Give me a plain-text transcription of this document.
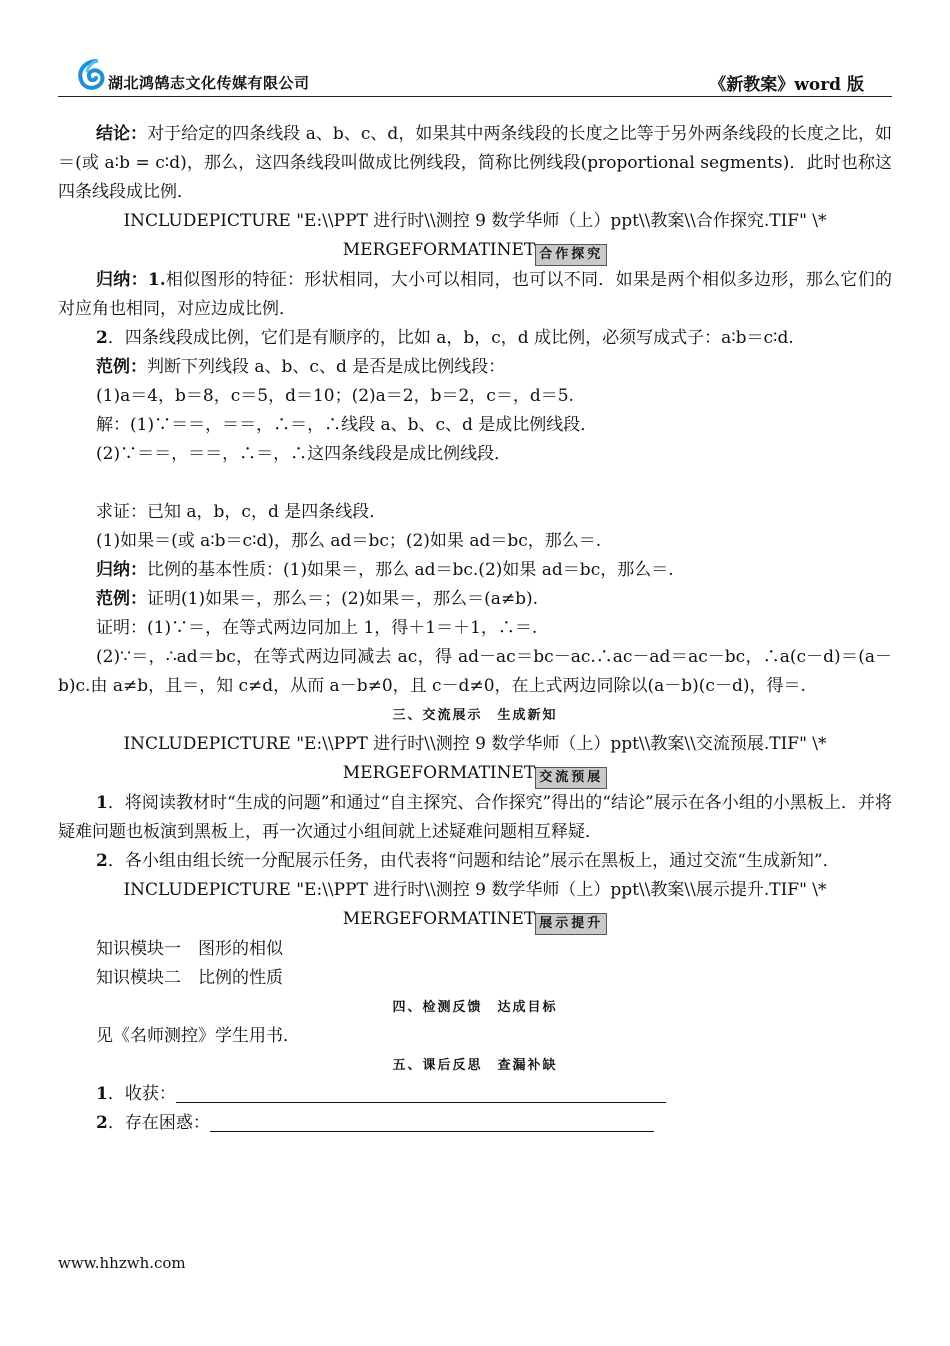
湖北鸿鹄志文化传媒有限公司	《新教案》word 版

结论：对于给定的四条线段 a、b、c、d，如果其中两条线段的长度之比等于另外两条线段的长度之比，如＝(或 a∶b = c∶d)，那么，这四条线段叫做成比例线段，简称比例线段(proportional segments)．此时也称这四条线段成比例．

INCLUDEPICTURE "E:\\PPT 进行时\\测控 9 数学华师（上）ppt\\教案\\合作探究.TIF" \*

MERGEFORMATINET 合作探究

归纳：1.相似图形的特征：形状相同，大小可以相同，也可以不同．如果是两个相似多边形，那么它们的对应角也相同，对应边成比例．

2．四条线段成比例，它们是有顺序的，比如 a，b，c，d 成比例，必须写成式子：a∶b＝c∶d.

范例：判断下列线段 a、b、c、d 是否是成比例线段：

(1)a＝4，b＝8，c＝5，d＝10；(2)a＝2，b＝2，c＝，d＝5.

解：(1)∵＝＝，＝＝，∴＝，∴线段 a、b、c、d 是成比例线段．

(2)∵＝＝，＝＝，∴＝，∴这四条线段是成比例线段．

求证：已知 a，b，c，d 是四条线段．

(1)如果＝(或 a∶b＝c∶d)，那么 ad＝bc；(2)如果 ad＝bc，那么＝.

归纳：比例的基本性质：(1)如果＝，那么 ad＝bc.(2)如果 ad＝bc，那么＝.

范例：证明(1)如果＝，那么＝；(2)如果＝，那么＝(a≠b).

证明：(1)∵＝，在等式两边同加上 1，得＋1＝＋1，∴＝.

(2)∵＝，∴ad＝bc，在等式两边同减去 ac，得 ad－ac＝bc－ac.∴ac－ad＝ac－bc，∴a(c－d)＝(a－b)c.由 a≠b，且＝，知 c≠d，从而 a－b≠0，且 c－d≠0，在上式两边同除以(a－b)(c－d)，得＝.

三、交流展示　生成新知

INCLUDEPICTURE "E:\\PPT 进行时\\测控 9 数学华师（上）ppt\\教案\\交流预展.TIF" \*

MERGEFORMATINET 交流预展

1．将阅读教材时“生成的问题”和通过“自主探究、合作探究”得出的“结论”展示在各小组的小黑板上．并将疑难问题也板演到黑板上，再一次通过小组间就上述疑难问题相互释疑．

2．各小组由组长统一分配展示任务，由代表将“问题和结论”展示在黑板上，通过交流“生成新知”．

INCLUDEPICTURE "E:\\PPT 进行时\\测控 9 数学华师（上）ppt\\教案\\展示提升.TIF" \*

MERGEFORMATINET 展示提升

知识模块一　图形的相似

知识模块二　比例的性质

四、检测反馈　达成目标

见《名师测控》学生用书．

五、课后反思　查漏补缺

1．收获：

2．存在困惑：

www.hhzwh.com
